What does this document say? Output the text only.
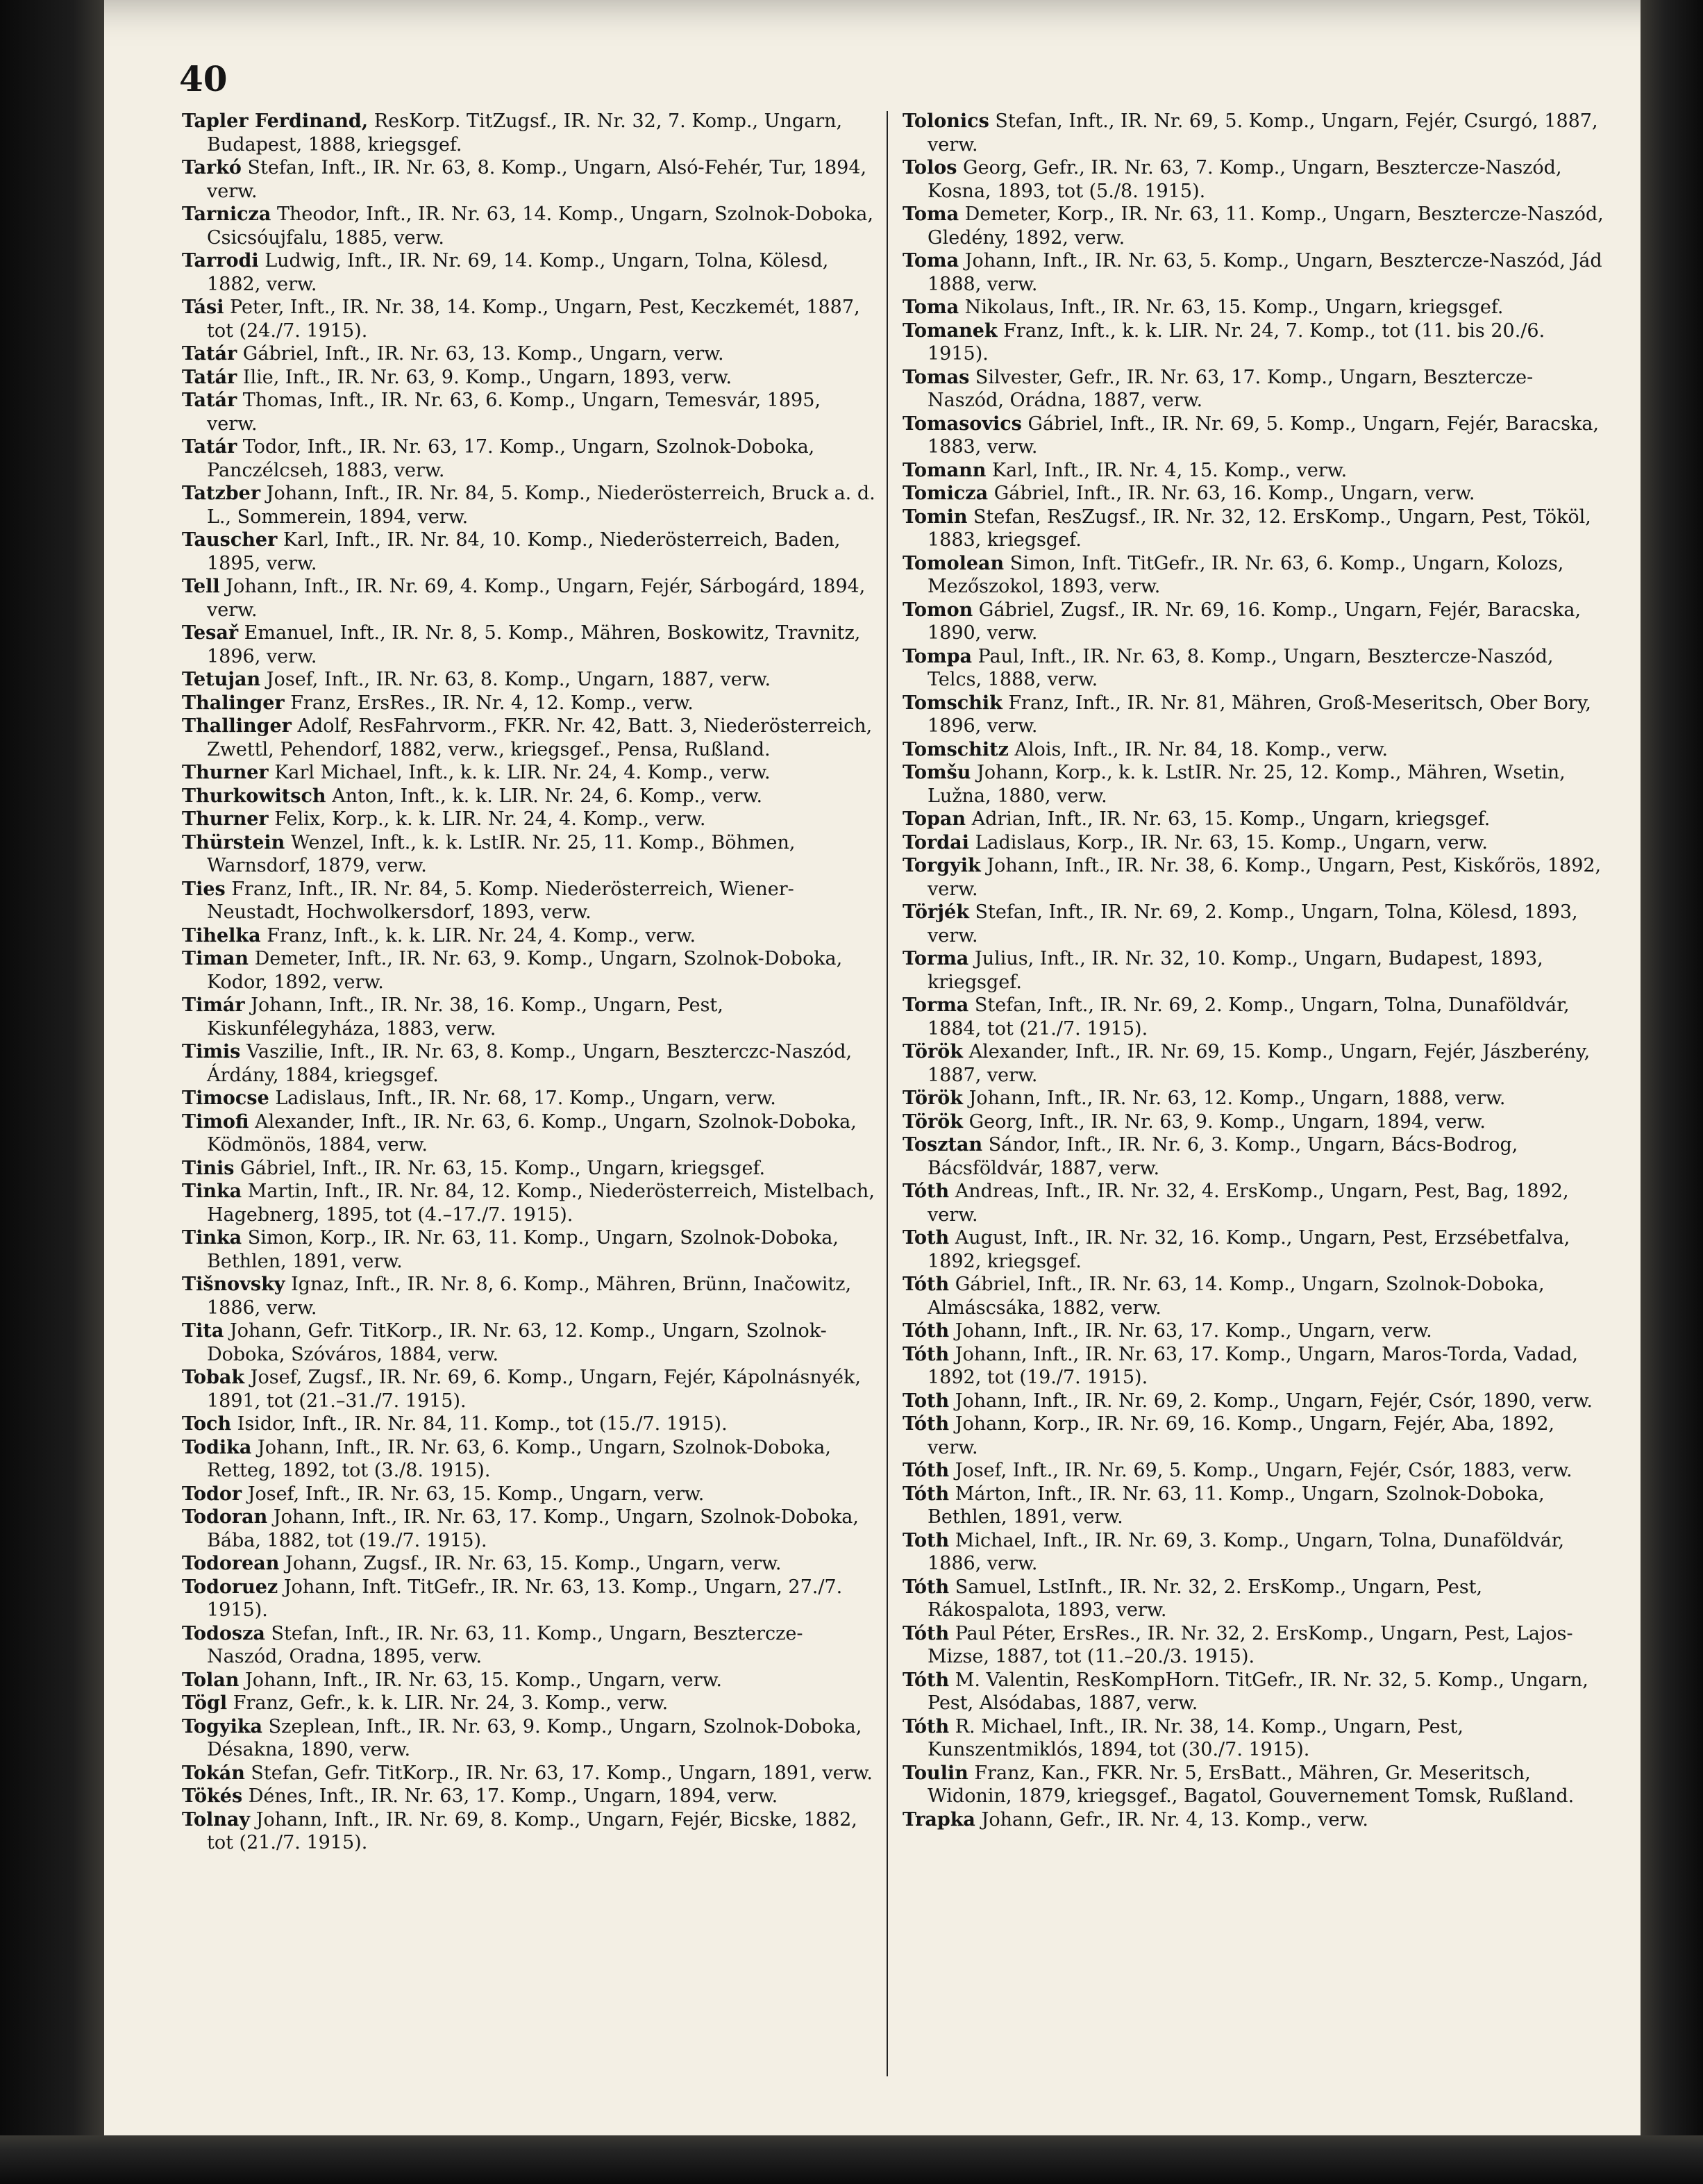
40

Tapler Ferdinand, ResKorp. TitZugsf., IR. Nr. 32, 7. Komp., Ungarn, Budapest, 1888, kriegsgef.

Tarkó Stefan, Inft., IR. Nr. 63, 8. Komp., Ungarn, Alsó-Fehér, Tur, 1894, verw.

Tarnicza Theodor, Inft., IR. Nr. 63, 14. Komp., Ungarn, Szolnok-Doboka, Csicsóujfalu, 1885, verw.

Tarrodi Ludwig, Inft., IR. Nr. 69, 14. Komp., Ungarn, Tolna, Kölesd, 1882, verw.

Tási Peter, Inft., IR. Nr. 38, 14. Komp., Ungarn, Pest, Keczkemét, 1887, tot (24./7. 1915).

Tatár Gábriel, Inft., IR. Nr. 63, 13. Komp., Ungarn, verw.

Tatár Ilie, Inft., IR. Nr. 63, 9. Komp., Ungarn, 1893, verw.

Tatár Thomas, Inft., IR. Nr. 63, 6. Komp., Ungarn, Temesvár, 1895, verw.

Tatár Todor, Inft., IR. Nr. 63, 17. Komp., Ungarn, Szolnok-Doboka, Panczélcseh, 1883, verw.

Tatzber Johann, Inft., IR. Nr. 84, 5. Komp., Niederösterreich, Bruck a. d. L., Sommerein, 1894, verw.

Tauscher Karl, Inft., IR. Nr. 84, 10. Komp., Niederösterreich, Baden, 1895, verw.

Tell Johann, Inft., IR. Nr. 69, 4. Komp., Ungarn, Fejér, Sárbogárd, 1894, verw.

Tesař Emanuel, Inft., IR. Nr. 8, 5. Komp., Mähren, Boskowitz, Travnitz, 1896, verw.

Tetujan Josef, Inft., IR. Nr. 63, 8. Komp., Ungarn, 1887, verw.

Thalinger Franz, ErsRes., IR. Nr. 4, 12. Komp., verw.

Thallinger Adolf, ResFahrvorm., FKR. Nr. 42, Batt. 3, Niederösterreich, Zwettl, Pehendorf, 1882, verw., kriegsgef., Pensa, Rußland.

Thurner Karl Michael, Inft., k. k. LIR. Nr. 24, 4. Komp., verw.

Thurkowitsch Anton, Inft., k. k. LIR. Nr. 24, 6. Komp., verw.

Thurner Felix, Korp., k. k. LIR. Nr. 24, 4. Komp., verw.

Thürstein Wenzel, Inft., k. k. LstIR. Nr. 25, 11. Komp., Böhmen, Warnsdorf, 1879, verw.

Ties Franz, Inft., IR. Nr. 84, 5. Komp. Niederösterreich, Wiener-Neustadt, Hochwolkersdorf, 1893, verw.

Tihelka Franz, Inft., k. k. LIR. Nr. 24, 4. Komp., verw.

Timan Demeter, Inft., IR. Nr. 63, 9. Komp., Ungarn, Szolnok-Doboka, Kodor, 1892, verw.

Timár Johann, Inft., IR. Nr. 38, 16. Komp., Ungarn, Pest, Kiskunfélegyháza, 1883, verw.

Timis Vaszilie, Inft., IR. Nr. 63, 8. Komp., Ungarn, Beszterczc-Naszód, Árdány, 1884, kriegsgef.

Timocse Ladislaus, Inft., IR. Nr. 68, 17. Komp., Ungarn, verw.

Timofi Alexander, Inft., IR. Nr. 63, 6. Komp., Ungarn, Szolnok-Doboka, Ködmönös, 1884, verw.

Tinis Gábriel, Inft., IR. Nr. 63, 15. Komp., Ungarn, kriegsgef.

Tinka Martin, Inft., IR. Nr. 84, 12. Komp., Niederösterreich, Mistelbach, Hagebnerg, 1895, tot (4.–17./7. 1915).

Tinka Simon, Korp., IR. Nr. 63, 11. Komp., Ungarn, Szolnok-Doboka, Bethlen, 1891, verw.

Tišnovsky Ignaz, Inft., IR. Nr. 8, 6. Komp., Mähren, Brünn, Inačowitz, 1886, verw.

Tita Johann, Gefr. TitKorp., IR. Nr. 63, 12. Komp., Ungarn, Szolnok-Doboka, Szóváros, 1884, verw.

Tobak Josef, Zugsf., IR. Nr. 69, 6. Komp., Ungarn, Fejér, Kápolnásnyék, 1891, tot (21.–31./7. 1915).

Toch Isidor, Inft., IR. Nr. 84, 11. Komp., tot (15./7. 1915).

Todika Johann, Inft., IR. Nr. 63, 6. Komp., Ungarn, Szolnok-Doboka, Retteg, 1892, tot (3./8. 1915).

Todor Josef, Inft., IR. Nr. 63, 15. Komp., Ungarn, verw.

Todoran Johann, Inft., IR. Nr. 63, 17. Komp., Ungarn, Szolnok-Doboka, Bába, 1882, tot (19./7. 1915).

Todorean Johann, Zugsf., IR. Nr. 63, 15. Komp., Ungarn, verw.

Todoruez Johann, Inft. TitGefr., IR. Nr. 63, 13. Komp., Ungarn, 27./7. 1915).

Todosza Stefan, Inft., IR. Nr. 63, 11. Komp., Ungarn, Besztercze-Naszód, Oradna, 1895, verw.

Tolan Johann, Inft., IR. Nr. 63, 15. Komp., Ungarn, verw.

Tögl Franz, Gefr., k. k. LIR. Nr. 24, 3. Komp., verw.

Togyika Szeplean, Inft., IR. Nr. 63, 9. Komp., Ungarn, Szolnok-Doboka, Désakna, 1890, verw.

Tokán Stefan, Gefr. TitKorp., IR. Nr. 63, 17. Komp., Ungarn, 1891, verw.

Tökés Dénes, Inft., IR. Nr. 63, 17. Komp., Ungarn, 1894, verw.

Tolnay Johann, Inft., IR. Nr. 69, 8. Komp., Ungarn, Fejér, Bicske, 1882, tot (21./7. 1915).

Tolonics Stefan, Inft., IR. Nr. 69, 5. Komp., Ungarn, Fejér, Csurgó, 1887, verw.

Tolos Georg, Gefr., IR. Nr. 63, 7. Komp., Ungarn, Besztercze-Naszód, Kosna, 1893, tot (5./8. 1915).

Toma Demeter, Korp., IR. Nr. 63, 11. Komp., Ungarn, Besztercze-Naszód, Gledény, 1892, verw.

Toma Johann, Inft., IR. Nr. 63, 5. Komp., Ungarn, Besztercze-Naszód, Jád 1888, verw.

Toma Nikolaus, Inft., IR. Nr. 63, 15. Komp., Ungarn, kriegsgef.

Tomanek Franz, Inft., k. k. LIR. Nr. 24, 7. Komp., tot (11. bis 20./6. 1915).

Tomas Silvester, Gefr., IR. Nr. 63, 17. Komp., Ungarn, Besztercze-Naszód, Orádna, 1887, verw.

Tomasovics Gábriel, Inft., IR. Nr. 69, 5. Komp., Ungarn, Fejér, Baracska, 1883, verw.

Tomann Karl, Inft., IR. Nr. 4, 15. Komp., verw.

Tomicza Gábriel, Inft., IR. Nr. 63, 16. Komp., Ungarn, verw.

Tomin Stefan, ResZugsf., IR. Nr. 32, 12. ErsKomp., Ungarn, Pest, Tököl, 1883, kriegsgef.

Tomolean Simon, Inft. TitGefr., IR. Nr. 63, 6. Komp., Ungarn, Kolozs, Mezőszokol, 1893, verw.

Tomon Gábriel, Zugsf., IR. Nr. 69, 16. Komp., Ungarn, Fejér, Baracska, 1890, verw.

Tompa Paul, Inft., IR. Nr. 63, 8. Komp., Ungarn, Besztercze-Naszód, Telcs, 1888, verw.

Tomschik Franz, Inft., IR. Nr. 81, Mähren, Groß-Meseritsch, Ober Bory, 1896, verw.

Tomschitz Alois, Inft., IR. Nr. 84, 18. Komp., verw.

Tomšu Johann, Korp., k. k. LstIR. Nr. 25, 12. Komp., Mähren, Wsetin, Lužna, 1880, verw.

Topan Adrian, Inft., IR. Nr. 63, 15. Komp., Ungarn, kriegsgef.

Tordai Ladislaus, Korp., IR. Nr. 63, 15. Komp., Ungarn, verw.

Torgyik Johann, Inft., IR. Nr. 38, 6. Komp., Ungarn, Pest, Kiskőrös, 1892, verw.

Törjék Stefan, Inft., IR. Nr. 69, 2. Komp., Ungarn, Tolna, Kölesd, 1893, verw.

Torma Julius, Inft., IR. Nr. 32, 10. Komp., Ungarn, Budapest, 1893, kriegsgef.

Torma Stefan, Inft., IR. Nr. 69, 2. Komp., Ungarn, Tolna, Dunaföldvár, 1884, tot (21./7. 1915).

Török Alexander, Inft., IR. Nr. 69, 15. Komp., Ungarn, Fejér, Jászberény, 1887, verw.

Török Johann, Inft., IR. Nr. 63, 12. Komp., Ungarn, 1888, verw.

Török Georg, Inft., IR. Nr. 63, 9. Komp., Ungarn, 1894, verw.

Tosztan Sándor, Inft., IR. Nr. 6, 3. Komp., Ungarn, Bács-Bodrog, Bácsföldvár, 1887, verw.

Tóth Andreas, Inft., IR. Nr. 32, 4. ErsKomp., Ungarn, Pest, Bag, 1892, verw.

Toth August, Inft., IR. Nr. 32, 16. Komp., Ungarn, Pest, Erzsébetfalva, 1892, kriegsgef.

Tóth Gábriel, Inft., IR. Nr. 63, 14. Komp., Ungarn, Szolnok-Doboka, Almáscsáka, 1882, verw.

Tóth Johann, Inft., IR. Nr. 63, 17. Komp., Ungarn, verw.

Tóth Johann, Inft., IR. Nr. 63, 17. Komp., Ungarn, Maros-Torda, Vadad, 1892, tot (19./7. 1915).

Toth Johann, Inft., IR. Nr. 69, 2. Komp., Ungarn, Fejér, Csór, 1890, verw.

Tóth Johann, Korp., IR. Nr. 69, 16. Komp., Ungarn, Fejér, Aba, 1892, verw.

Tóth Josef, Inft., IR. Nr. 69, 5. Komp., Ungarn, Fejér, Csór, 1883, verw.

Tóth Márton, Inft., IR. Nr. 63, 11. Komp., Ungarn, Szolnok-Doboka, Bethlen, 1891, verw.

Toth Michael, Inft., IR. Nr. 69, 3. Komp., Ungarn, Tolna, Dunaföldvár, 1886, verw.

Tóth Samuel, LstInft., IR. Nr. 32, 2. ErsKomp., Ungarn, Pest, Rákospalota, 1893, verw.

Tóth Paul Péter, ErsRes., IR. Nr. 32, 2. ErsKomp., Ungarn, Pest, Lajos-Mizse, 1887, tot (11.–20./3. 1915).

Tóth M. Valentin, ResKompHorn. TitGefr., IR. Nr. 32, 5. Komp., Ungarn, Pest, Alsódabas, 1887, verw.

Tóth R. Michael, Inft., IR. Nr. 38, 14. Komp., Ungarn, Pest, Kunszentmiklós, 1894, tot (30./7. 1915).

Toulin Franz, Kan., FKR. Nr. 5, ErsBatt., Mähren, Gr. Meseritsch, Widonin, 1879, kriegsgef., Bagatol, Gouvernement Tomsk, Rußland.

Trapka Johann, Gefr., IR. Nr. 4, 13. Komp., verw.
